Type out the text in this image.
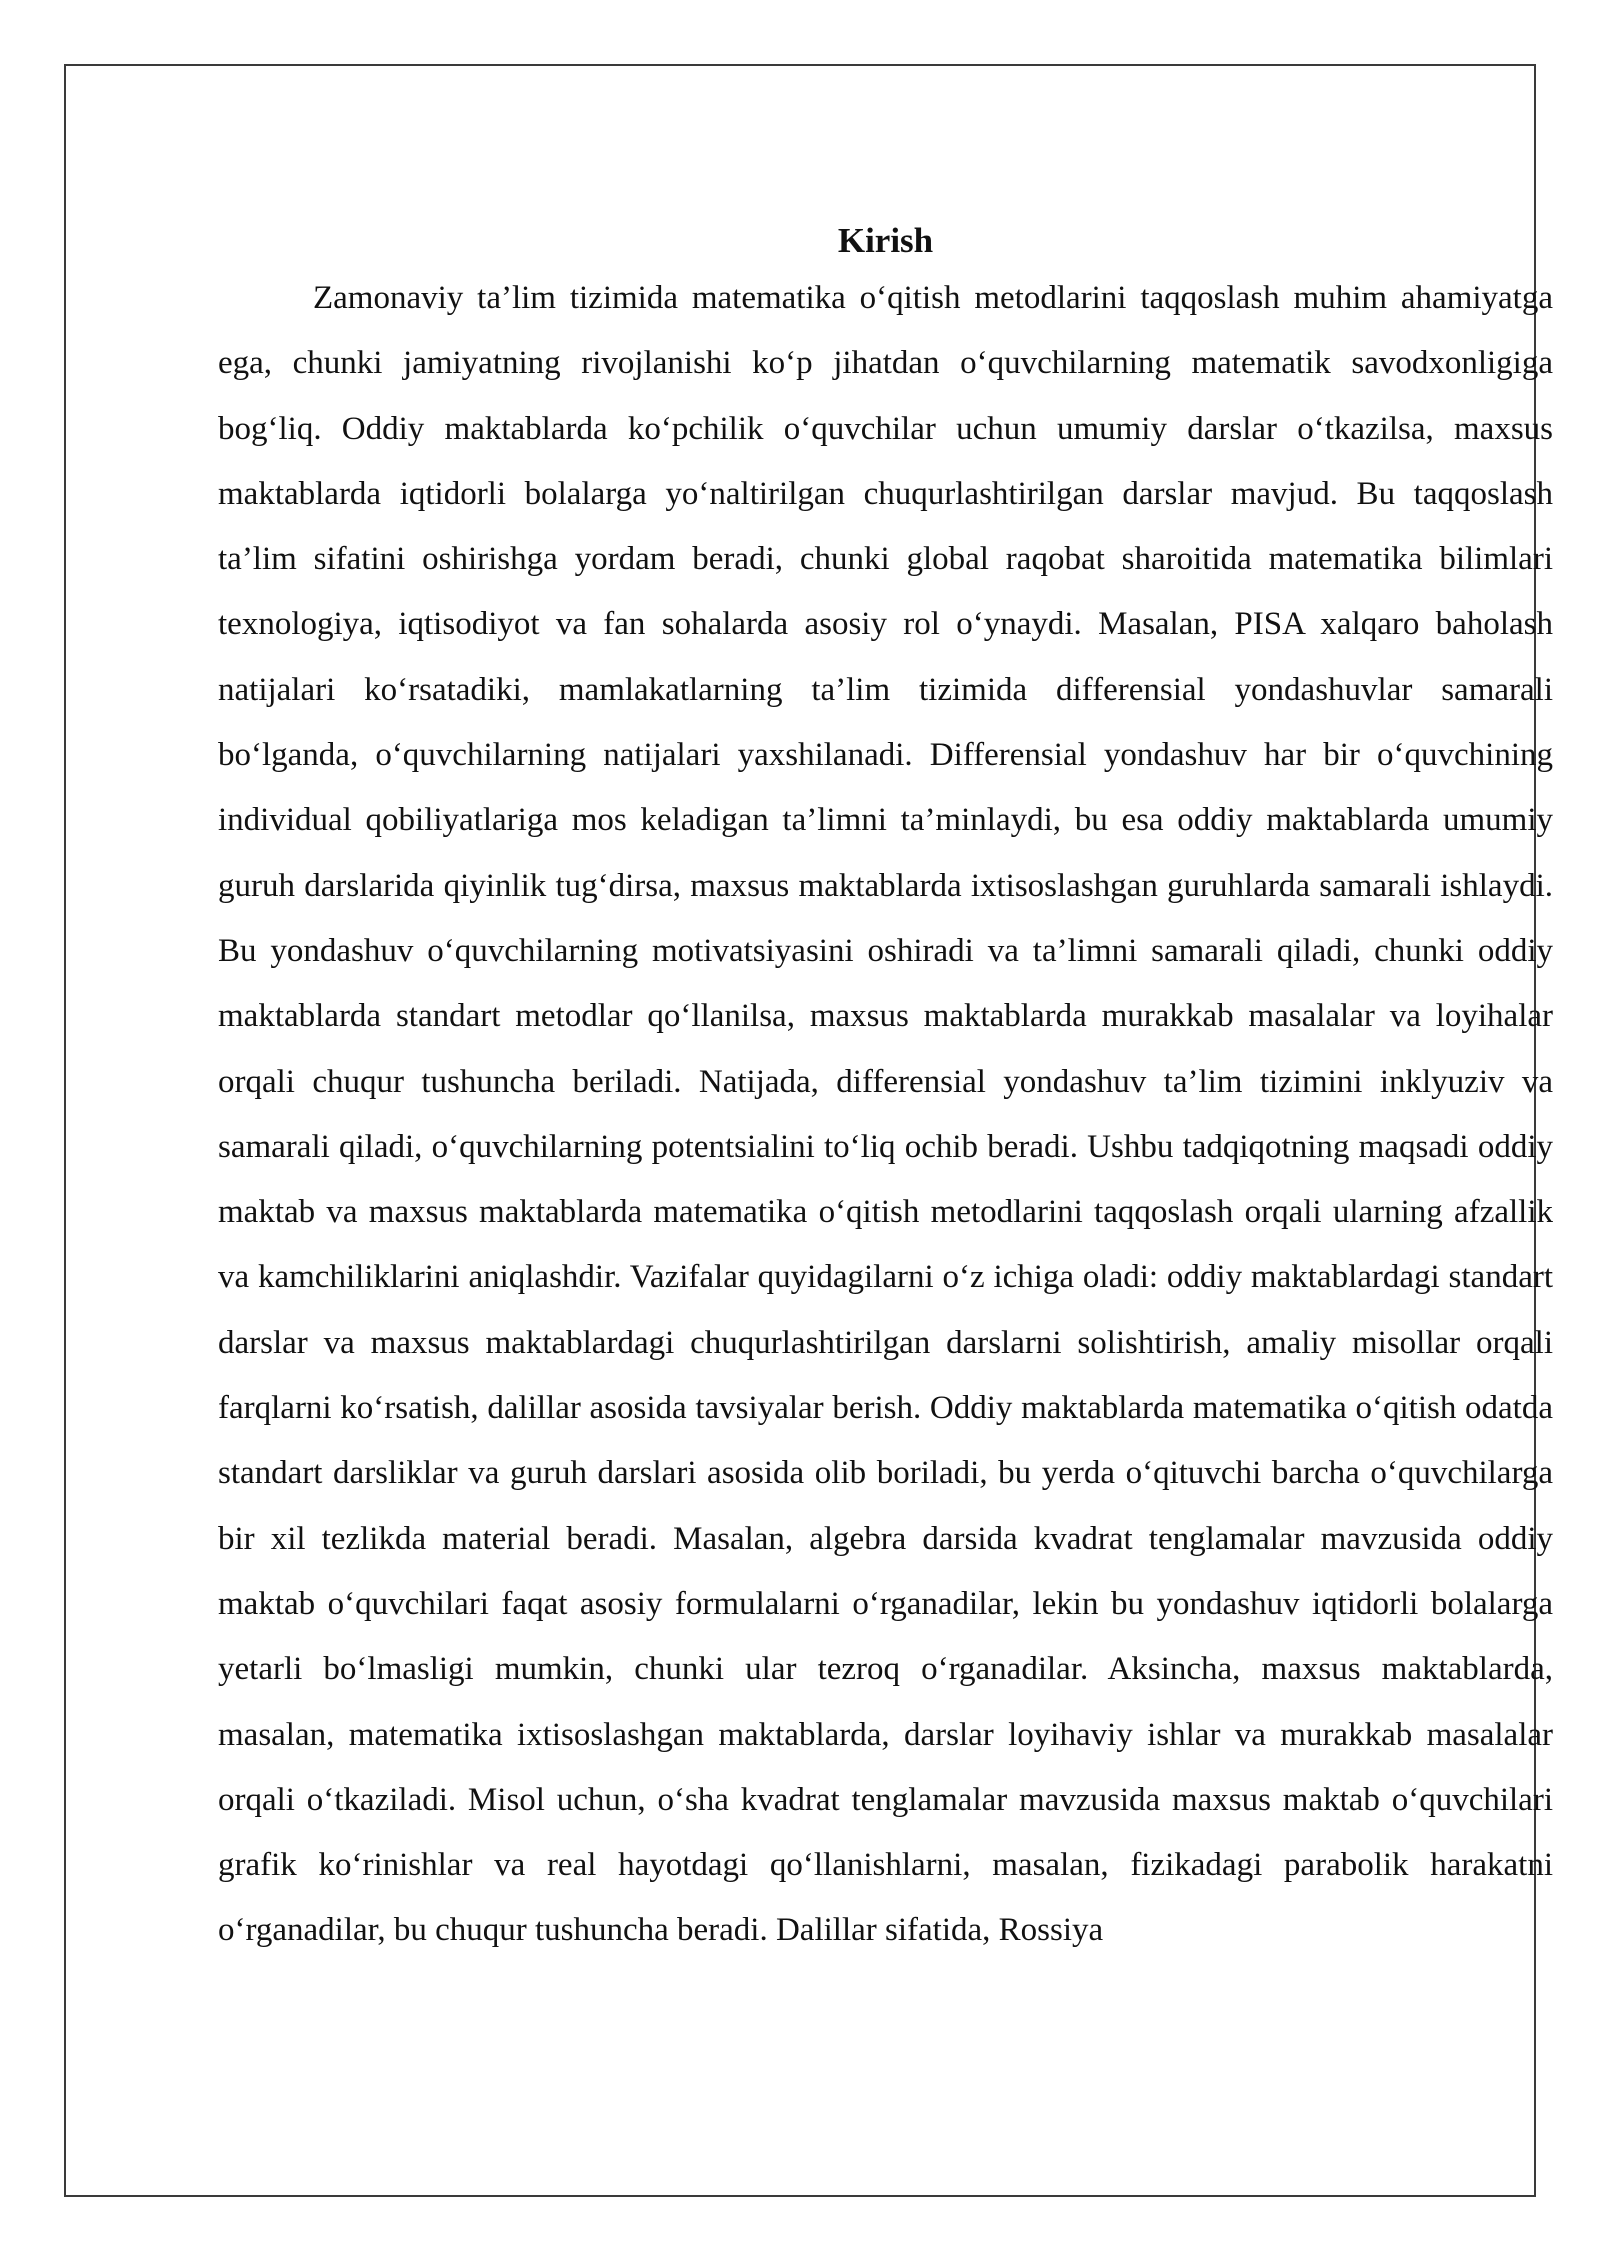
Kirish

Zamonaviy ta’lim tizimida matematika o‘qitish metodlarini taqqoslash muhim ahamiyatga ega, chunki jamiyatning rivojlanishi ko‘p jihatdan o‘quvchilarning matematik savodxonligiga bog‘liq. Oddiy maktablarda ko‘pchilik o‘quvchilar uchun umumiy darslar o‘tkazilsa, maxsus maktablarda iqtidorli bolalarga yo‘naltirilgan chuqurlashtirilgan darslar mavjud. Bu taqqoslash ta’lim sifatini oshirishga yordam beradi, chunki global raqobat sharoitida matematika bilimlari texnologiya, iqtisodiyot va fan sohalarda asosiy rol o‘ynaydi. Masalan, PISA xalqaro baholash natijalari ko‘rsatadiki, mamlakatlarning ta’lim tizimida differensial yondashuvlar samarali bo‘lganda, o‘quvchilarning natijalari yaxshilanadi. Differensial yondashuv har bir o‘quvchining individual qobiliyatlariga mos keladigan ta’limni ta’minlaydi, bu esa oddiy maktablarda umumiy guruh darslarida qiyinlik tug‘dirsa, maxsus maktablarda ixtisoslashgan guruhlarda samarali ishlaydi. Bu yondashuv o‘quvchilarning motivatsiyasini oshiradi va ta’limni samarali qiladi, chunki oddiy maktablarda standart metodlar qo‘llanilsa, maxsus maktablarda murakkab masalalar va loyihalar orqali chuqur tushuncha beriladi. Natijada, differensial yondashuv ta’lim tizimini inklyuziv va samarali qiladi, o‘quvchilarning potentsialini to‘liq ochib beradi. Ushbu tadqiqotning maqsadi oddiy maktab va maxsus maktablarda matematika o‘qitish metodlarini taqqoslash orqali ularning afzallik va kamchiliklarini aniqlashdir. Vazifalar quyidagilarni o‘z ichiga oladi: oddiy maktablardagi standart darslar va maxsus maktablardagi chuqurlashtirilgan darslarni solishtirish, amaliy misollar orqali farqlarni ko‘rsatish, dalillar asosida tavsiyalar berish. Oddiy maktablarda matematika o‘qitish odatda standart darsliklar va guruh darslari asosida olib boriladi, bu yerda o‘qituvchi barcha o‘quvchilarga bir xil tezlikda material beradi. Masalan, algebra darsida kvadrat tenglamalar mavzusida oddiy maktab o‘quvchilari faqat asosiy formulalarni o‘rganadilar, lekin bu yondashuv iqtidorli bolalarga yetarli bo‘lmasligi mumkin, chunki ular tezroq o‘rganadilar. Aksincha, maxsus maktablarda, masalan, matematika ixtisoslashgan maktablarda, darslar loyihaviy ishlar va murakkab masalalar orqali o‘tkaziladi. Misol uchun, o‘sha kvadrat tenglamalar mavzusida maxsus maktab o‘quvchilari grafik ko‘rinishlar va real hayotdagi qo‘llanishlarni, masalan, fizikadagi parabolik harakatni o‘rganadilar, bu chuqur tushuncha beradi. Dalillar sifatida, Rossiya
